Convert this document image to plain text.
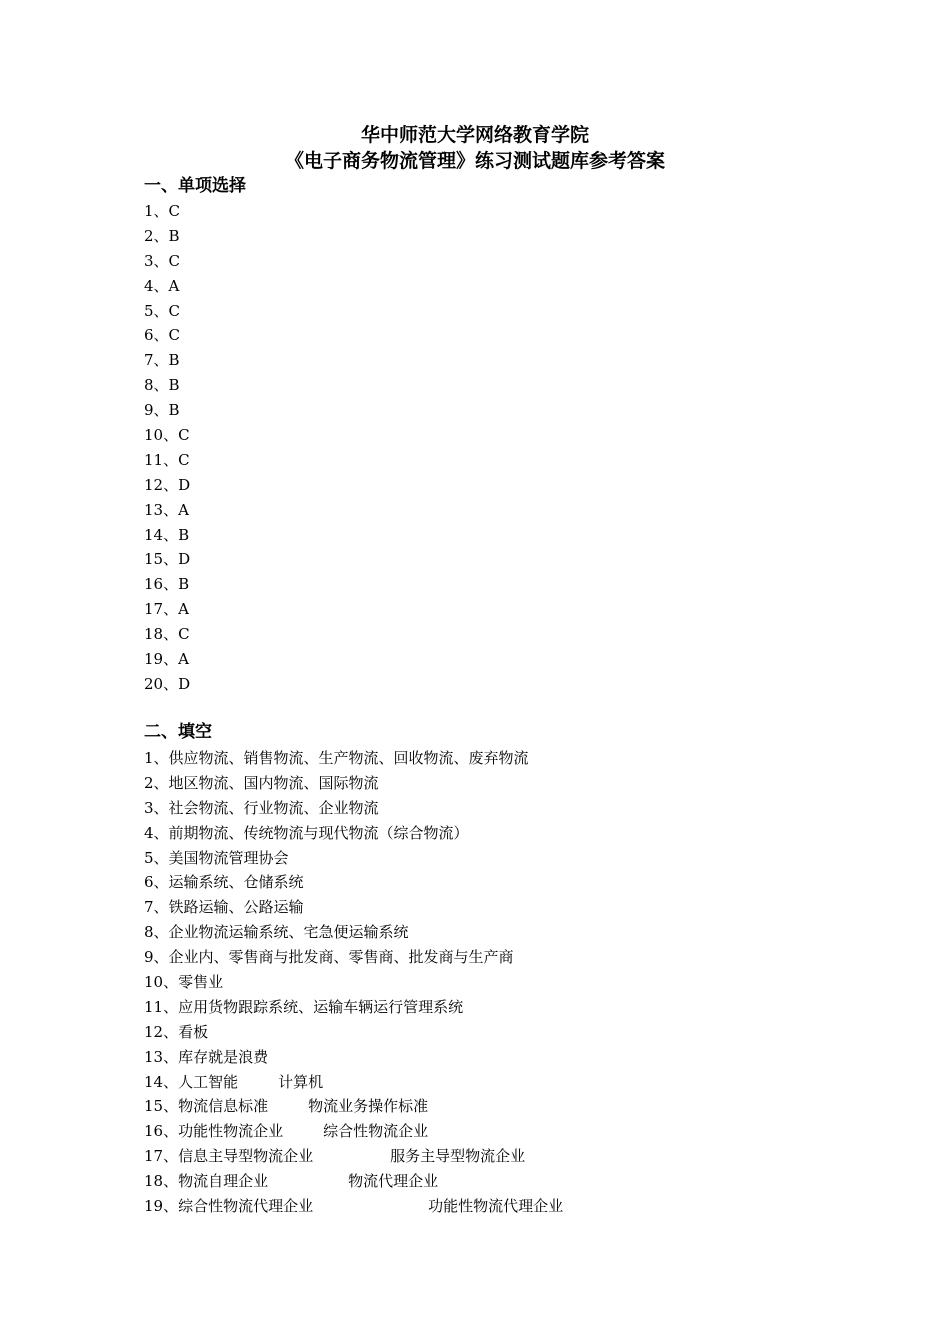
华中师范大学网络教育学院
《电子商务物流管理》练习测试题库参考答案
一、单项选择
1、C
2、B
3、C
4、A
5、C
6、C
7、B
8、B
9、B
10、C
11、C
12、D
13、A
14、B
15、D
16、B
17、A
18、C
19、A
20、D
二、填空
1、供应物流、销售物流、生产物流、回收物流、废弃物流
2、地区物流、国内物流、国际物流
3、社会物流、行业物流、企业物流
4、前期物流、传统物流与现代物流（综合物流）
5、美国物流管理协会
6、运输系统、仓储系统
7、铁路运输、公路运输
8、企业物流运输系统、宅急便运输系统
9、企业内、零售商与批发商、零售商、批发商与生产商
10、零售业
11、应用货物跟踪系统、运输车辆运行管理系统
12、看板
13、库存就是浪费
14、人工智能	计算机
15、物流信息标准	物流业务操作标准
16、功能性物流企业	综合性物流企业
17、信息主导型物流企业	服务主导型物流企业
18、物流自理企业	物流代理企业
19、综合性物流代理企业	功能性物流代理企业
